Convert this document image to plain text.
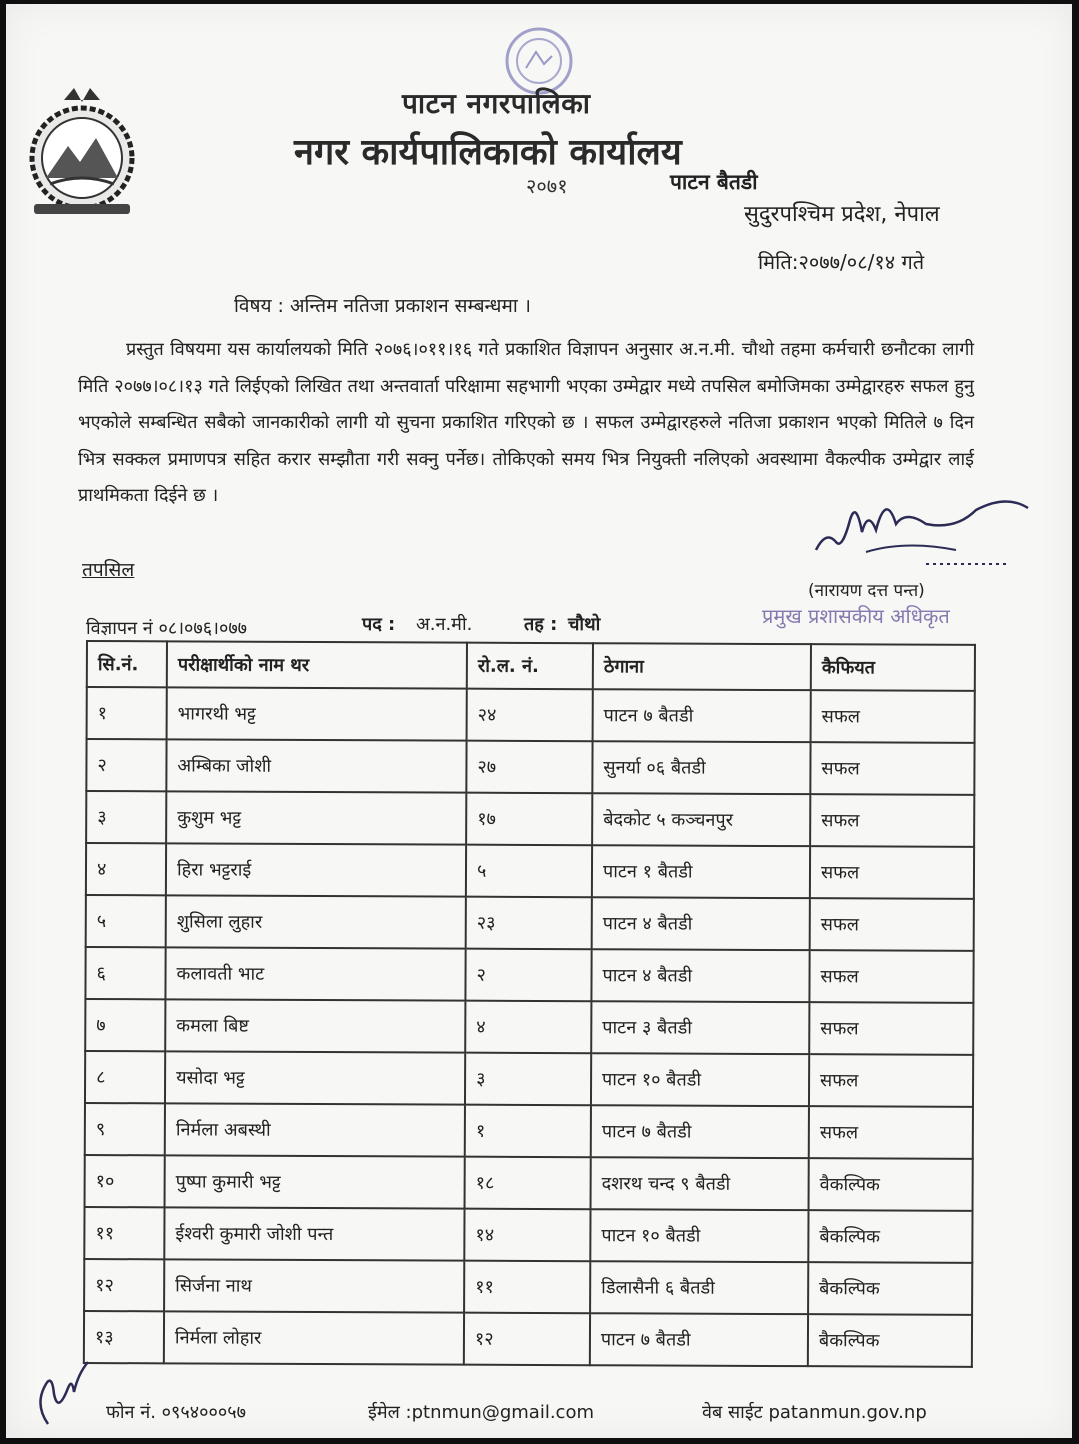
पाटन नगरपालिका
नगर कार्यपालिकाको कार्यालय
२०७१	पाटन बैतडी
सुदुरपश्चिम प्रदेश, नेपाल
मिति:२०७७/०८/१४ गते
विषय : अन्तिम नतिजा प्रकाशन सम्बन्धमा ।
प्रस्तुत विषयमा यस कार्यालयको मिति २०७६।०११।१६ गते प्रकाशित विज्ञापन अनुसार अ.न.मी. चौथो तहमा कर्मचारी छनौटका लागी मिति २०७७।०८।१३ गते लिईएको लिखित तथा अन्तवार्ता परिक्षामा सहभागी भएका उम्मेद्वार मध्ये तपसिल बमोजिमका उम्मेद्वारहरु सफल हुनु भएकोले सम्बन्धित सबैको जानकारीको लागी यो सुचना प्रकाशित गरिएको छ । सफल उम्मेद्वारहरुले नतिजा प्रकाशन भएको मितिले ७ दिन भित्र सक्कल प्रमाणपत्र सहित करार सम्झौता गरी सक्नु पर्नेछ। तोकिएको समय भित्र नियुक्ती नलिएको अवस्थामा वैकल्पीक उम्मेद्वार लाई प्राथमिकता दिईने छ ।
तपसिल
(नारायण दत्त पन्त)
प्रमुख प्रशासकीय अधिकृत
विज्ञापन नं ०८।०७६।०७७	पद : अ.न.मी.	तह : चौथो
सि.नं.	परीक्षार्थीको नाम थर	रो.ल. नं.	ठेगाना	कैफियत
१	भागरथी भट्ट	२४	पाटन ७ बैतडी	सफल
२	अम्बिका जोशी	२७	सुनर्या ०६ बैतडी	सफल
३	कुशुम भट्ट	१७	बेदकोट ५ कञ्चनपुर	सफल
४	हिरा भट्टराई	५	पाटन १ बैतडी	सफल
५	शुसिला लुहार	२३	पाटन ४ बैतडी	सफल
६	कलावती भाट	२	पाटन ४ बैतडी	सफल
७	कमला बिष्ट	४	पाटन ३ बैतडी	सफल
८	यसोदा भट्ट	३	पाटन १० बैतडी	सफल
९	निर्मला अबस्थी	१	पाटन ७ बैतडी	सफल
१०	पुष्पा कुमारी भट्ट	१८	दशरथ चन्द ९ बैतडी	वैकल्पिक
११	ईश्वरी कुमारी जोशी पन्त	१४	पाटन १० बैतडी	बैकल्पिक
१२	सिर्जना नाथ	११	डिलासैनी ६ बैतडी	बैकल्पिक
१३	निर्मला लोहार	१२	पाटन ७ बैतडी	बैकल्पिक
फोन नं. ०९५४०००५७	ईमेल :ptnmun@gmail.com	वेब साईट patanmun.gov.np
